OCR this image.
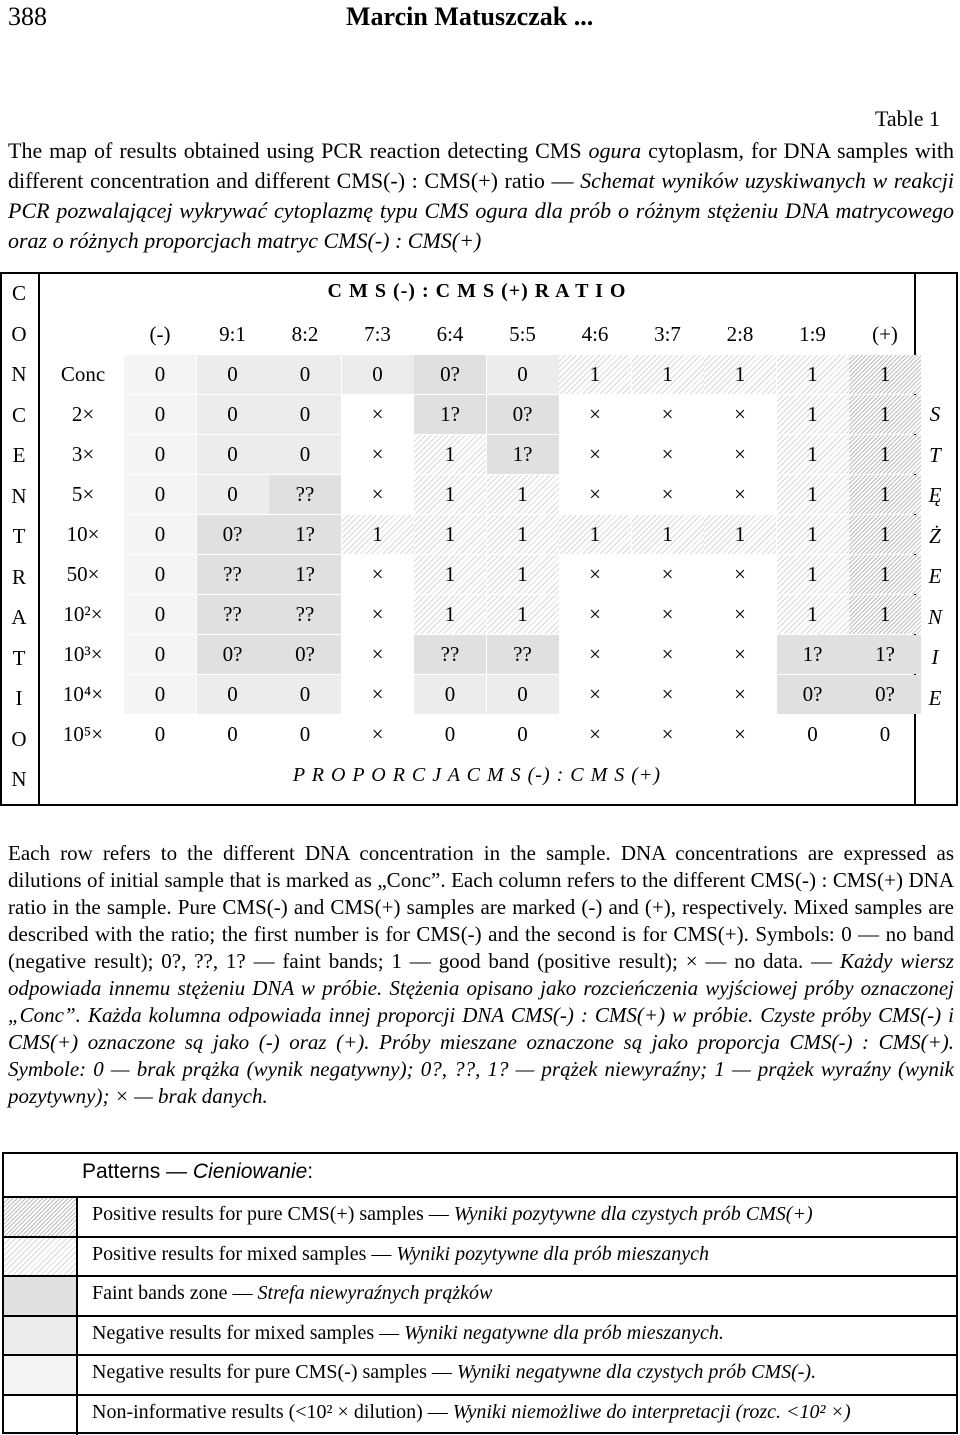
388	Marcin Matuszczak ...
Table 1
The map of results obtained using PCR reaction detecting CMS ogura cytoplasm, for DNA samples with different concentration and different CMS(-) : CMS(+) ratio — Schemat wyników uzyskiwanych w reakcji PCR pozwalającej wykrywać cytoplazmę typu CMS ogura dla prób o różnym stężeniu DNA matrycowego oraz o różnych proporcjach matryc CMS(-) : CMS(+)
C M S (-) : C M S (+) R A T I O
P R O P O R C J A C M S (-) : C M S (+)
(-)	9:1	8:2	7:3	6:4	5:5	4:6	3:7	2:8	1:9	(+)
Conc	0	0	0	0	0?	0	1	1	1	1	1
2×	0	0	0	×	1?	0?	×	×	×	1	1
3×	0	0	0	×	1	1?	×	×	×	1	1
5×	0	0	??	×	1	1	×	×	×	1	1
10×	0	0?	1?	1	1	1	1	1	1	1	1
50×	0	??	1?	×	1	1	×	×	×	1	1
10²×	0	??	??	×	1	1	×	×	×	1	1
10³×	0	0?	0?	×	??	??	×	×	×	1?	1?
10⁴×	0	0	0	×	0	0	×	×	×	0?	0?
10⁵×	0	0	0	×	0	0	×	×	×	0	0
C
O
N
C
E
N
T
R
A
T
I
O
N
S
T
Ę
Ż
E
N
I
E
Each row refers to the different DNA concentration in the sample. DNA concentrations are expressed as dilutions of initial sample that is marked as „Conc”. Each column refers to the different CMS(-) : CMS(+) DNA ratio in the sample. Pure CMS(-) and CMS(+) samples are marked (-) and (+), respectively. Mixed samples are described with the ratio; the first number is for CMS(-) and the second is for CMS(+). Symbols: 0 — no band (negative result); 0?, ??, 1? — faint bands; 1 — good band (positive result); × — no data. — Każdy wiersz odpowiada innemu stężeniu DNA w próbie. Stężenia opisano jako rozcieńczenia wyjściowej próby oznaczonej „Conc”. Każda kolumna odpowiada innej proporcji DNA CMS(-) : CMS(+) w próbie. Czyste próby CMS(-) i CMS(+) oznaczone są jako (-) oraz (+). Próby mieszane oznaczone są jako proporcja CMS(-) : CMS(+). Symbole: 0 — brak prążka (wynik negatywny); 0?, ??, 1? — prążek niewyraźny; 1 — prążek wyraźny (wynik pozytywny); × — brak danych.
Patterns — Cieniowanie:
Positive results for pure CMS(+) samples — Wyniki pozytywne dla czystych prób CMS(+)
Positive results for mixed samples — Wyniki pozytywne dla prób mieszanych
Faint bands zone — Strefa niewyraźnych prążków
Negative results for mixed samples — Wyniki negatywne dla prób mieszanych.
Negative results for pure CMS(-) samples — Wyniki negatywne dla czystych prób CMS(-).
Non-informative results (<10² × dilution) — Wyniki niemożliwe do interpretacji (rozc. <10² ×)
